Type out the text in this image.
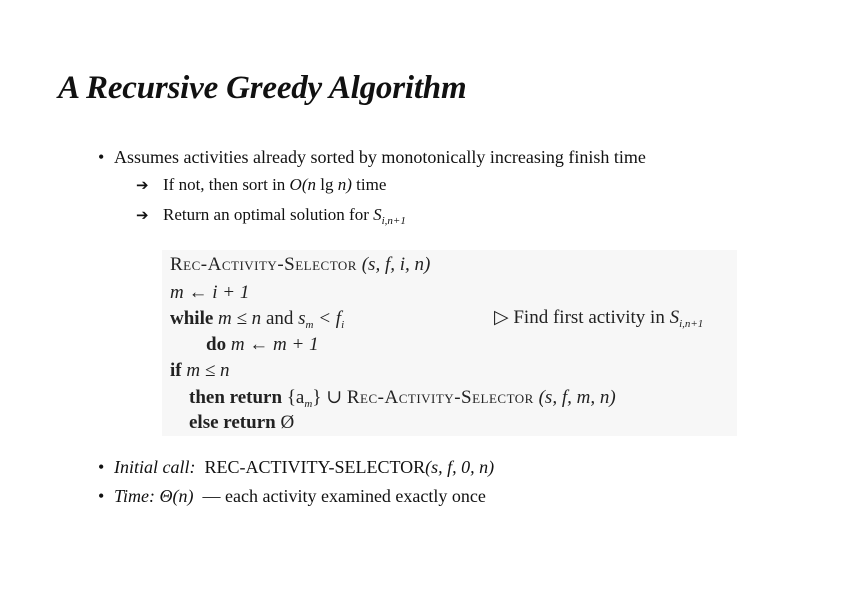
A Recursive Greedy Algorithm
• Assumes activities already sorted by monotonically increasing finish time
➔ If not, then sort in O(n lg n) time
➔ Return an optimal solution for $S_{i,n+1}$
Rec-Activity-Selector (s, f, i, n)
m ← i + 1
while m ≤ n and $s_m < f_i$	▷ Find first activity in $S_{i,n+1}$
do m ← m + 1
if m ≤ n
then return $\{a_m\}$ ∪ Rec-Activity-Selector (s, f, m, n)
else return Ø
• Initial call: REC-ACTIVITY-SELECTOR(s, f, 0, n)
• Time: Θ(n) — each activity examined exactly once
